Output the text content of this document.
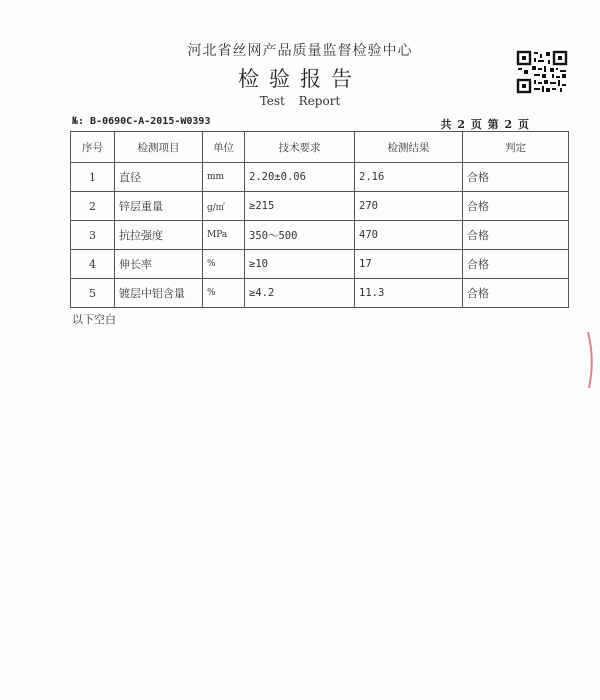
河北省丝网产品质量监督检验中心
检验报告
Test Report
№: B-0690C-A-2015-W0393	共 2 页 第 2 页
序号	检测项目	单位	技术要求	检测结果	判定
1	直径	mm	2.20±0.06	2.16	合格
2	锌层重量	g/㎡	≥215	270	合格
3	抗拉强度	MPa	350～500	470	合格
4	伸长率	%	≥10	17	合格
5	镀层中铝含量	%	≥4.2	11.3	合格
以下空白
